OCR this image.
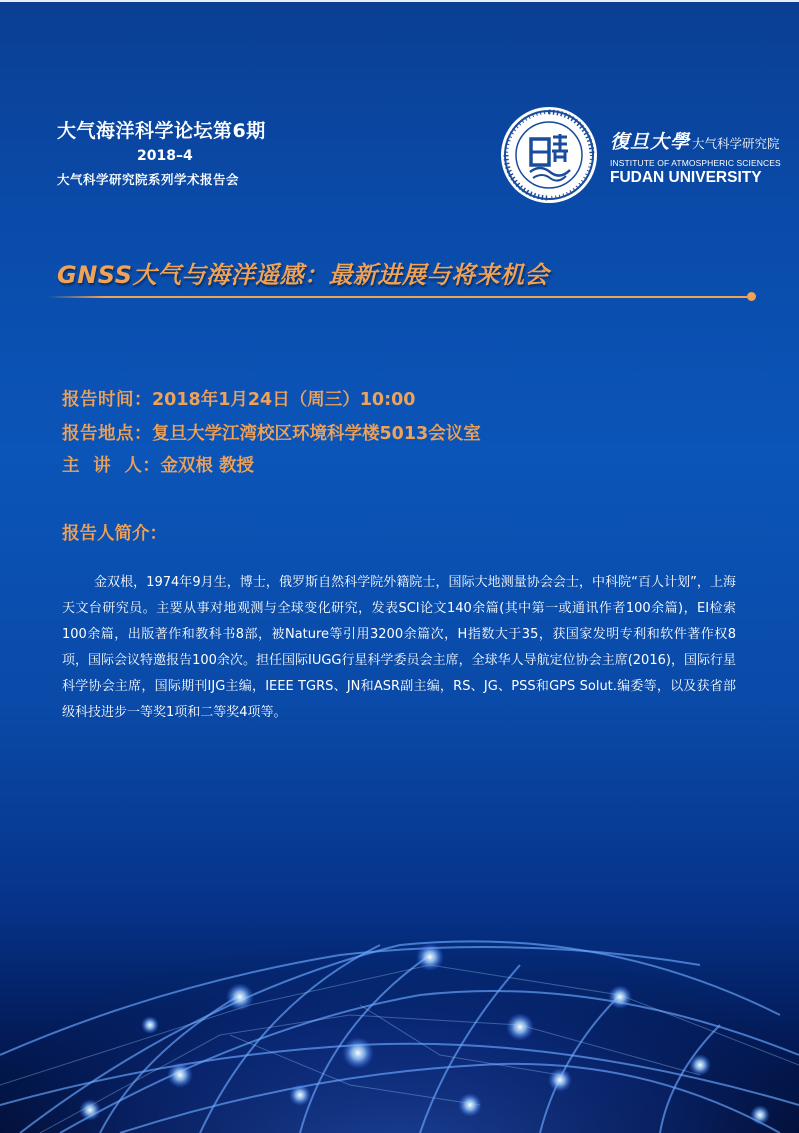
大气海洋科学论坛第6期
2018–4
大气科学研究院系列学术报告会
復旦大學 大气科学研究院
INSTITUTE OF ATMOSPHERIC SCIENCES
FUDAN UNIVERSITY
GNSS大气与海洋遥感：最新进展与将来机会
报告时间：2018年1月24日（周三）10:00
报告地点：复旦大学江湾校区环境科学楼5013会议室
主  讲  人：金双根 教授
报告人简介：
金双根，1974年9月生，博士，俄罗斯自然科学院外籍院士，国际大地测量协会会士，中科院“百人计划”，上海天文台研究员。主要从事对地观测与全球变化研究，发表SCI论文140余篇(其中第一或通讯作者100余篇)，EI检索100余篇，出版著作和教科书8部，被Nature等引用3200余篇次，H指数大于35，获国家发明专利和软件著作权8项，国际会议特邀报告100余次。担任国际IUGG行星科学委员会主席，全球华人导航定位协会主席(2016)，国际行星科学协会主席，国际期刊IJG主编，IEEE TGRS、JN和ASR副主编，RS、JG、PSS和GPS Solut.编委等，以及获省部级科技进步一等奖1项和二等奖4项等。
